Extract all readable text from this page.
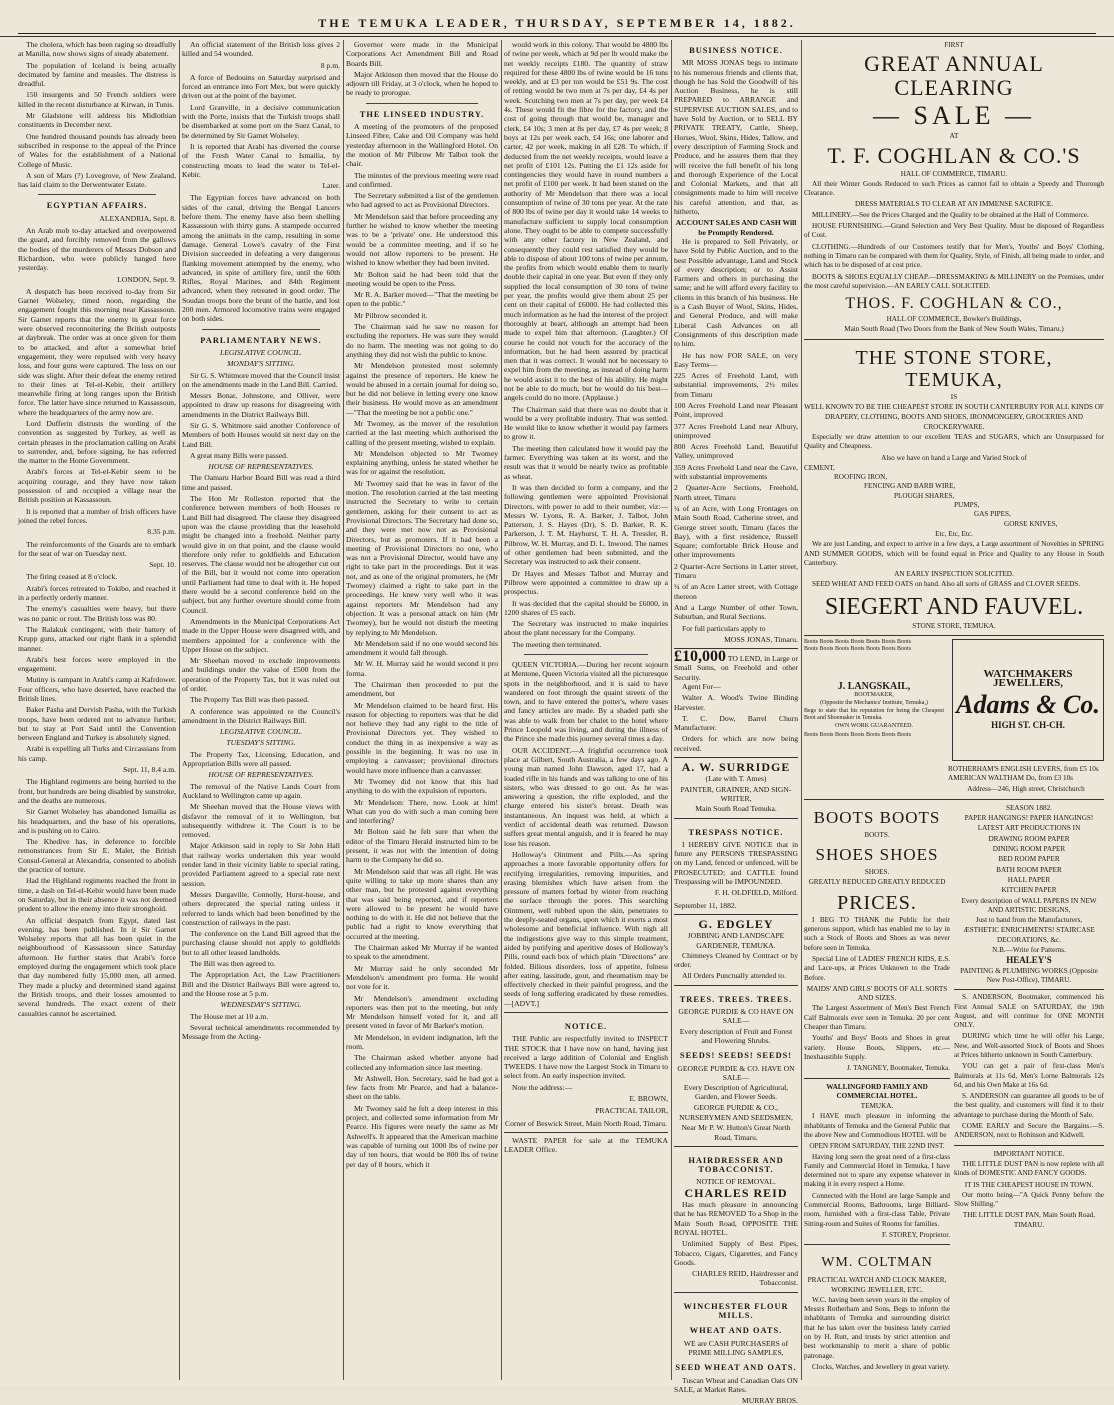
THE TEMUKA LEADER, THURSDAY, SEPTEMBER 14, 1882.

The cholera, which has been raging so dreadfully at Manilla, now shows signs of steady abatement.

The population of Iceland is being actually decimated by famine and measles. The distress is dreadful.

150 insurgents and 50 French soldiers were killed in the recent disturbance at Kirwan, in Tunis.

Mr Gladstone will address his Midlothian constituents in December next.

One hundred thousand pounds has already been subscribed in response to the appeal of the Prince of Wales for the establishment of a National College of Music.

A son of Mars (?) Lovegrove, of New Zealand, has laid claim to the Derwentwater Estate.

EGYPTIAN AFFAIRS.
ALEXANDRIA, Sept. 8.

An Arab mob to-day attacked and overpowered the guard, and forcibly removed from the gallows the bodies of the murderers of Messrs Dobson and Richardson, who were publicly hanged here yesterday.

LONDON, Sept. 9.

A despatch has been received to-day from Sir Garnet Wolseley, timed noon, regarding the engagement fought this morning near Kassassoun. Sir Garnet reports that the enemy in great force were observed reconnoitering the British outposts at daybreak. The order was at once given for them to be attacked, and after a somewhat brief engagement, they were repulsed with very heavy loss, and four guns were captured. The loss on our side was slight. After their defeat the enemy retired to their lines at Tel-el-Kebir, their artillery meanwhile firing at long ranges upon the British force. The latter have since returned to Kassassoun, where the headquarters of the army now are.

Lord Dufferin distrusts the wording of the convention as suggested by Turkey, as well as certain phrases in the proclamation calling on Arabi to surrender, and, before signing, he has referred the matter to the Home Government.

Arabi's forces at Tel-el-Kebir seem to be acquiring courage, and they have now taken possession of and occupied a village near the British position at Kassassoun.

It is reported that a number of Irish officers have joined the rebel forces.

8.35 p.m.

The reinforcements of the Guards are to embark for the seat of war on Tuesday next.

Sept. 10.

The firing ceased at 8 o'clock.

Arabi's forces retreated to Tokibo, and reached it in a perfectly orderly manner.

The enemy's casualties were heavy, but there was no panic or rout. The British loss was 80.

The Ralakuk contingent, with their battery of Krupp guns, attacked our right flank in a splendid manner.

Arabi's best forces were employed in the engagement.

Mutiny is rampant in Arabi's camp at Kafrdower. Four officers, who have deserted, have reached the British lines.

Baker Pasha and Dervish Pasha, with the Turkish troops, have been ordered not to advance further, but to stay at Port Said until the Convention between England and Turkey is absolutely signed.

Arabi is expelling all Turks and Circassians from his camp.

Sept. 11, 8.4 a.m.

The Highland regiments are being hurried to the front, but hundreds are being disabled by sunstroke, and the deaths are numerous.

Sir Garnet Wolseley has abandoned Ismailia as his headquarters, and the base of his operations, and is pushing on to Cairo.

The Khedive has, in deference to forcible remonstrances from Sir E. Malet, the British Consul-General at Alexandria, consented to abolish the practice of torture.

Had the Highland regiments reached the front in time, a dash on Tel-el-Kebir would have been made on Saturday, but in their absence it was not deemed prudent to allow the enemy into their stronghold.

An official despatch from Egypt, dated last evening, has been published. In it Sir Garnet Wolseley reports that all has been quiet in the neighbourhood of Kassassoun since Saturday afternoon. He further states that Arabi's force employed during the engagement which took place that day numbered fully 15,000 men, all armed. They made a plucky and determined stand against the British troops, and their losses amounted to several hundreds. The exact extent of their casualties cannot be ascertained.

An official statement of the British loss gives 2 killed and 54 wounded.

8 p.m.

A force of Bedouins on Saturday surprised and forced an entrance into Fort Mex, but were quickly driven out at the point of the bayonet.

Lord Granville, in a decisive communication with the Porte, insists that the Turkish troops shall be disembarked at some port on the Suez Canal, to be determined by Sir Garnet Wolseley.

It is reported that Arabi has diverted the course of the Fresh Water Canal to Ismailia, by constructing moats to lead the water to Tel-el-Kebir.

Later.

The Egyptian forces have advanced on both sides of the canal, driving the Bengal Lancers before them. The enemy have also been shelling Kassassoun with thirty guns. A stampede occurred among the animals in the camp, resulting in some damage. General Lowe's cavalry of the First Division succeeded in defeating a very dangerous flanking movement attempted by the enemy, who advanced, in spite of artillery fire, until the 60th Rifles, Royal Marines, and 84th Regiment advanced, when they retreated in good order. The Soudan troops bore the brunt of the battle, and lost 200 men. Armored locomotive trains were engaged on both sides.

PARLIAMENTARY NEWS.
LEGISLATIVE COUNCIL.
MONDAY'S SITTING.

Sir G. S. Whitmore moved that the Council insist on the amendments made in the Land Bill. Carried.

Messrs Bonar, Johnstone, and Olliver, were appointed to draw up reasons for disagreeing with amendments in the District Railways Bill.

Sir G. S. Whitmore said another Conference of Members of both Houses would sit next day on the Land Bill.

A great many Bills were passed.

HOUSE OF REPRESENTATIVES.

The Oamaru Harbor Board Bill was read a third time and passed.

The Hon Mr Rolleston reported that the conference between members of both Houses re Land Bill had disagreed. The clause they disagreed upon was the clause providing that the leasehold might be changed into a freehold. Neither party would give in on that point, and the clause would therefore only refer to goldfields and Education reserves. The clause would not be altogether cut out of the Bill, but it would not come into operation until Parliament had time to deal with it. He hoped there would be a second conference held on the subject, but any further overture should come from Council.

Amendments in the Municipal Corporations Act made in the Upper House were disagreed with, and members appointed for a conference with the Upper House on the subject.

Mr Sheehan moved to exclude improvements and buildings under the value of £500 from the operation of the Property Tax, but it was ruled out of order.

The Property Tax Bill was then passed.

A conference was appointed re the Council's amendment in the District Railways Bill.

LEGISLATIVE COUNCIL.
TUESDAY'S SITTING.

The Property Tax, Licensing, Education, and Appropriation Bills were all passed.

HOUSE OF REPRESENTATIVES.

The removal of the Native Lands Court from Auckland to Wellington came up again.

Mr Sheehan moved that the House views with disfavor the removal of it to Wellington, but subsequently withdrew it. The Court is to be removed.

Major Atkinson said in reply to Sir John Hall that railway works undertaken this year would render land in their vicinity liable to special rating, provided Parliament agreed to a special rate next session.

Messrs Dargaville, Connolly, Hurst-house, and others deprecated the special rating unless it referred to lands which had been benefitted by the construction of railways in the past.

The conference on the Land Bill agreed that the purchasing clause should not apply to goldfields but to all other leased landholds.

The Bill was then agreed to.

The Appropriation Act, the Law Practitioners Bill and the District Railways Bill were agreed to, and the House rose at 5 p.m.

WEDNESDAY'S SITTING.

The House met at 10 a.m.

Several technical amendments recommended by Message from the Acting-

Governor were made in the Municipal Corporations Act Amendment Bill and Road Boards Bill.

Major Atkinson then moved that the House do adjourn till Friday, at 3 o'clock, when he hoped to be ready to prorogue.

THE LINSEED INDUSTRY.

A meeting of the promoters of the proposed Linseed Fibre, Cake and Oil Company was held yesterday afternoon in the Wallingford Hotel. On the motion of Mr Pilbrow Mr Talbot took the chair.

The minutes of the previous meeting were read and confirmed.

The Secretary submitted a list of the gentlemen who had agreed to act as Provisional Directors.

Mr Mendelson said that before proceeding any further he wished to know whether the meeting was to be a 'private' one. He understood this would be a committee meeting, and if so he would not allow reporters to be present. He wished to know whether they had been invited.

Mr Bolton said he had been told that the meeting would be open to the Press.

Mr R. A. Barker moved—"That the meeting be open to the public."

Mr Pilbrow seconded it.

The Chairman said he saw no reason for excluding the reporters. He was sure they would do no harm. The meeting was not going to do anything they did not wish the public to know.

Mr Mendelson protested most solemnly against the presence of reporters. He knew he would be abused in a certain journal for doing so, but he did not believe in letting every one know their business. He would move as an amendment—"That the meeting be not a public one."

Mr Twomey, as the mover of the resolution carried at the last meeting which authorised the calling of the present meeting, wished to explain.

Mr Mendelson objected to Mr Twomey explaining anything, unless he stated whether he was for or against the resolution.

Mr Twomey said that he was in favor of the motion. The resolution carried at the last meeting instructed the Secretary to write to certain gentlemen, asking for their consent to act as Provisional Directors. The Secretary had done so, and they were met now not as Provisional Directors, but as promoters. If it had been a meeting of Provisional Directors no one, who was not a Provisional Director, would have any right to take part in the proceedings. But it was not, and as one of the original promoters, he (Mr Twomey) claimed a right to take part in the proceedings. He knew very well who it was against reporters Mr Mendelson had any objection. It was a personal attack on him (Mr Twomey), but he would not disturb the meeting by replying to Mr Mendelson.

Mr Mendelson said if no one would second his amendment it would fall through.

Mr W. H. Murray said he would second it pro forma.

The Chairman then proceeded to put the amendment, but

Mr Mendelson claimed to be heard first. His reason for objecting to reporters was that he did not believe they had any right to the title of Provisional Directors yet. They wished to conduct the thing in as inexpensive a way as possible in the beginning. It was no use in employing a canvasser; provisional directors would have more influence than a canvasser.

Mr Twomey did not know that this had anything to do with the expulsion of reporters.

Mr Mendelson: There, now. Look at him! What can you do with such a man coming here and interfering?

Mr Bolton said he felt sure that when the editor of the Timaru Herald instructed him to be present, it was not with the intention of doing harm to the Company he did so.

Mr Mendelson said that was all right. He was quite willing to take up more shares than any other man, but he protested against everything that was said being reported, and if reporters were allowed to be present he would have nothing to do with it. He did not believe that the public had a right to know everything that occurred at the meeting.

The Chairman asked Mr Murray if he wanted to speak to the amendment.

Mr Murray said he only seconded Mr Mendelson's amendment pro forma. He would not vote for it.

Mr Mendelson's amendment excluding reporters was then put to the meeting, but only Mr Mendelson himself voted for it, and all present voted in favor of Mr Barker's motion.

Mr Mendelson, in evident indignation, left the room.

The Chairman asked whether anyone had collected any information since last meeting.

Mr Ashwell, Hon. Secretary, said he had got a few facts from Mr Pearce, and had a balance-sheet on the table.

Mr Twomey said he felt a deep interest in this project, and collected some information from Mr Pearce. His figures were nearly the same as Mr Ashwell's. It appeared that the American machine was capable of turning out 1000 lbs of twine per day of ten hours, that would be 800 lbs of twine per day of 8 hours, which it

would work in this colony. That would be 4800 lbs of twine per week, which at 9d per lb would make the net weekly receipts £180. The quantity of straw required for these 4800 lbs of twine would be 16 tons weekly, and at £3 per ton would be £51 9s. The cost of retting would be two men at 7s per day, £4 4s per week. Scutching two men at 7s per day, per week £4 4s. These would fit the fibre for the factory, and the cost of going through that would be, manager and clerk, £4 10s; 3 men at 8s per day, £7 4s per week; 8 boys at 12s per week each, £4 16s; one laborer and carter, 42 per week, making in all £28. To which, if deducted from the net weekly receipts, would leave a net profit of £101 12s. Putting the £1 12s aside for contingencies they would have in round numbers a net profit of £100 per week. It had been stated on the authority of Mr Mendelson that there was a local consumption of twine of 30 tons per year. At the rate of 800 lbs of twine per day it would take 14 weeks to manufacture sufficient to supply local consumption alone. They ought to be able to compete successfully with any other factory in New Zealand, and consequently they could rest satisfied they would be able to dispose of about 100 tons of twine per annum, the profits from which would enable them to nearly double their capital in one year. But even if they only supplied the local consumption of 30 tons of twine per year, the profits would give them about 25 per cent on their capital of £6000. He had collected this much information as he had the interest of the project thoroughly at heart, although an attempt had been made to expel him that afternoon. (Laughter.) Of course he could not vouch for the accuracy of the information, but he had been assured by practical men that it was correct. It would not be necessary to expel him from the meeting, as instead of doing harm he would assist it to the best of his ability. He might not be able to do much, but he would do his best—angels could do no more. (Applause.)

The Chairman said that there was no doubt that it would be a very profitable industry. That was settled. He would like to know whether it would pay farmers to grow it.

The meeting then calculated how it would pay the farmer. Everything was taken at its worst, and the result was that it would be nearly twice as profitable as wheat.

It was then decided to form a company, and the following gentlemen were appointed Provisional Directors, with power to add to their number, viz:—Messrs W. Lyons, R. A. Barker, J. Talbot, John Patterson, J. S. Hayes (Dr), S. D. Barker, R. K. Parkerson, J. T. M. Hayhurst, T. H. A. Tressler, R. Pilbrow, W. H. Murray, and D. L. Inwood. The names of other gentlemen had been submitted, and the Secretary was instructed to ask their consent.

Dr Hayes and Messrs Talbot and Murray and Pilbrow were appointed a committee to draw up a prospectus.

It was decided that the capital should be £6000, in 1200 shares of £5 each.

The Secretary was instructed to make inquiries about the plant necessary for the Company.

The meeting then terminated.

QUEEN VICTORIA.—During her recent sojourn at Mentone, Queen Victoria visited all the picturesque spots in the neighborhood, and it is said to have wandered on foot through the quaint streets of the town, and to have entered the potter's, where vases and fancy articles are made. By a shaded path she was able to walk from her chalet to the hotel where Prince Leopold was living, and during the illness of the Prince she made this journey several times a day.

OUR ACCIDENT.—A frightful occurrence took place at Gilbert, South Australia, a few days ago. A young man named John Dawson, aged 17, had a loaded rifle in his hands and was talking to one of his sisters, who was dressed to go out. As he was answering a question, the rifle exploded, and the charge entered his sister's breast. Death was instantaneous. An inquest was held, at which a verdict of accidental death was returned. Dawson suffers great mental anguish, and it is feared he may lose his reason.

Holloway's Ointment and Pills.—As spring approaches a more favorable opportunity offers for rectifying irregularities, removing impurities, and erasing blemishes which have arisen from the pressure of matters forbad by winter from reaching the surface through the pores. This searching Ointment, well rubbed upon the skin, penetrates to the deeply-seated organs, upon which it exerts a most wholesome and beneficial influence. With nigh all the indigestions give way to this simple treatment, aided by purifying and aperitive doses of Holloway's Pills, round each box of which plain "Directions" are folded. Bilious disorders, loss of appetite, fulness after eating, lassitude, gout, and rheumatism may be effectively checked in their painful progress, and the seeds of long suffering eradicated by these remedies.—[ADVT.]

NOTICE.

THE Public are respectfully invited to INSPECT THE STOCK that I have now on hand, having just received a large addition of Colonial and English TWEEDS. I have now the Largest Stock in Timaru to select from. An early inspection invited.

Note the address:—

E. BROWN,
PRACTICAL TAILOR,
Corner of Beswick Street, Main North Road, Timaru.

WASTE PAPER for sale at the TEMUKA LEADER Office.

BUSINESS NOTICE.

MR MOSS JONAS begs to intimate to his numerous friends and clients that, though he has Sold the Goodwill of his Auction Business, he is still PREPARED to ARRANGE and SUPERVISE AUCTION SALES, and to have Sold by Auction, or to SELL BY PRIVATE TREATY, Cattle, Sheep, Horses, Wool, Skins, Hides, Tallow, and every description of Farming Stock and Produce, and he assures them that they will receive the full benefit of his long and thorough Experience of the Local and Colonial Markets, and that all consignments made to him will receive his careful attention, and that, as hitherto,

ACCOUNT SALES AND CASH Will be Promptly Rendered.

He is prepared to Sell Privately, or have Sold by Public Auction, and to the best Possible advantage, Land and Stock of every description; or to Assist Farmers and others in purchasing the same; and he will afford every facility to clients in this branch of his business. He is a Cash Buyer of Wool, Skins, Hides, and General Produce, and will make Liberal Cash Advances on all Consignments of this description made to him.

He has now FOR SALE, on very Easy Terms—

225 Acres of Freehold Land, with substantial improvements, 2½ miles from Timaru
100 Acres Freehold Land near Pleasant Point, improved
377 Acres Freehold Land near Albury, unimproved
800 Acres Freehold Land, Beautiful Valley, unimproved
359 Acres Freehold Land near the Cave, with substantial improvements
2 Quarter-Acre Sections, Freehold, North street, Timaru
¼ of an Acre, with Long Frontages on Main South Road, Catherine street, and George street south, Timaru (faces the Bay), with a first residence, Russell Square; comfortable Brick House and other improvements
2 Quarter-Acre Sections in Latter street, Timaru
¼ of an Acre Latter street, with Cottage thereon
And a Large Number of other Town, Suburban, and Rural Sections.

For full particulars apply to

MOSS JONAS, Timaru.
£10,000 TO LEND, in Large or Small Sums, on Freehold and other Security.

Agent For—

Walter A. Wood's Twine Binding Harvester.

T. C. Dow, Barrel Churn Manufacturer.

Orders for which are now being received.

A. W. SURRIDGE
(Late with T. Ames)
PAINTER, GRAINER, AND SIGN-WRITER,
Main South Road Temuka.
TRESPASS NOTICE.

I HEREBY GIVE NOTICE that in future any PERSONS TRESPASSING on my Land, fenced or unfenced, will be PROSECUTED; and CATTLE found Trespassing will be IMPOUNDED.

F. H. OLDFIELD, Milford.
September 11, 1882.
G. EDGLEY
JOBBING AND LANDSCAPE GARDENER, TEMUKA.

Chimneys Cleaned by Contract or by order.

All Orders Punctually attended to.

TREES. TREES. TREES.
GEORGE PURDIE & CO HAVE ON SALE—
Every description of Fruit and Forest and Flowering Shrubs.
SEEDS! SEEDS! SEEDS!
GEORGE PURDIE & CO. HAVE ON SALE—
Every Description of Agricultural, Garden, and Flower Seeds.
GEORGE PURDIE & CO.,
NURSERYMEN AND SEEDSMEN,
Near Mr P. W. Hutton's Great North Road, Timaru.
HAIRDRESSER AND TOBACCONIST.
NOTICE OF REMOVAL.
CHARLES REID

Has much pleasure in announcing that he has REMOVED To a Shop in the Main South Road, OPPOSITE THE ROYAL HOTEL.

Unlimited Supply of Best Pipes, Tobacco, Cigars, Cigarettes, and Fancy Goods.

CHARLES REID, Hairdresser and Tobacconist.
WINCHESTER FLOUR MILLS.
WHEAT AND OATS.
WE are CASH PURCHASERS of PRIME MILLING SAMPLES,
SEED WHEAT AND OATS.

Tuscan Wheat and Canadian Oats ON SALE, at Market Rates.

MURRAY BROS.
FIRST
GREAT ANNUAL CLEARING
— SALE —
AT
T. F. COGHLAN & CO.'S
HALL OF COMMERCE, TIMARU.

All their Winter Goods Reduced to such Prices as cannot fail to obtain a Speedy and Thorough Clearance.

DRESS MATERIALS TO CLEAR AT AN IMMENSE SACRIFICE.

MILLINERY.—See the Prices Charged and the Quality to be obtained at the Hall of Commerce.

HOUSE FURNISHING.—Grand Selection and Very Best Quality. Must be disposed of Regardless of Cost.

CLOTHING.—Hundreds of our Customers testify that for Men's, Youths' and Boys' Clothing, nothing in Timaru can be compared with them for Quality, Style, of Finish, all being made to order, and which has to be disposed of at cost price.

BOOTS & SHOES EQUALLY CHEAP.—DRESSMAKING & MILLINERY on the Premises, under the most careful supervision.—AN EARLY CALL SOLICITED.

THOS. F. COGHLAN & CO.,
HALL OF COMMERCE, Bowker's Buildings,
Main South Road (Two Doors from the Bank of New South Wales, Timaru.)
THE STONE STORE, TEMUKA,
IS
WELL KNOWN TO BE THE CHEAPEST STORE IN SOUTH CANTERBURY FOR ALL KINDS OF
DRAPERY, CLOTHING, BOOTS AND SHOES, IRONMONGERY, GROCERIES AND CROCKERYWARE.

Especially we draw attention to our excellent TEAS and SUGARS, which are Unsurpassed for Quality and Cheapness.

Also we have on hand a Large and Varied Stock of
CEMENT,
ROOFING IRON,
FENCING AND BARB WIRE,
PLOUGH SHARES,
PUMPS,
GAS PIPES,
GORSE KNIVES,
Etc, Etc, Etc.

We are just Landing, and expect to arrive in a few days, a Large assortment of Novelties in SPRING AND SUMMER GOODS, which will be found equal in Price and Quality to any House in South Canterbury.

AN EARLY INSPECTION SOLICITED.

SEED WHEAT AND FEED OATS on hand. Also all sorts of GRASS and CLOVER SEEDS.

SIEGERT AND FAUVEL.
STONE STORE, TEMUKA.
Boots Boots Boots Boots Boots Boots Boots
Boots Boots Boots Boots Boots Boots Boots
J. LANGSKAIL,
BOOTMAKER,
(Opposite the Mechanics' Institute, Temuka,)
Begs to state that his reputation for being the Cheapest Boot and Shoemaker in Temuka.
OWN WORK GUARANTEED.
Boots Boots Boots Boots Boots Boots Boots
WATCHMAKERS
JEWELLERS,
Adams & Co.
HIGH ST. CH-CH.
ROTHERHAM'S ENGLISH LEVERS, from £5 10s
AMERICAN WALTHAM Do, from £3 10s
Address—246, High street, Christchurch
BOOTS BOOTS
BOOTS.
SHOES SHOES
SHOES.
GREATLY REDUCED GREATLY REDUCED
PRICES.

I BEG TO THANK the Public for their generous support, which has enabled me to lay in such a Stock of Boots and Shoes as was never before seen in Temuka.

Special Line of LADIES' FRENCH KIDS, E.S. and Lace-ups, at Prices Unknown to the Trade Before.

MAIDS' AND GIRLS' BOOTS OF ALL SORTS AND SIZES.

The Largest Assortment of Men's Best French Calf Balmorals ever seen in Temuka. 20 per cent Cheaper than Timaru.

Youths' and Boys' Boots and Shoes in great variety. House Boots, Slippers, etc.—Inexhaustible Supply.

J. TANGNEY, Bootmaker, Temuka.
WALLINGFORD FAMILY AND COMMERCIAL HOTEL.
TEMUKA.

I HAVE much pleasure in informing the inhabitants of Temuka and the General Public that the above New and Commodious HOTEL will be

OPEN FROM SATURDAY, THE 22ND INST.

Having long seen the great need of a first-class Family and Commercial Hotel in Temuka, I have determined not to spare any expense whatever in making it in every respect a Home.

Connected with the Hotel are large Sample and Commercial Rooms, Bathrooms, large Billiard-room, furnished with a first-class Table, Private Sitting-room and Suites of Rooms for families.

F. STOREY, Proprietor.
WM. COLTMAN
PRACTICAL WATCH AND CLOCK MAKER, WORKING JEWELLER, ETC.

W.C. having been seven years in the employ of Messrs Rotherham and Sons, Begs to inform the inhabitants of Temuka and surrounding district that he has taken over the business lately carried on by H. Rutt, and trusts by strict attention and best workmanship to merit a share of public patronage.

Clocks, Watches, and Jewellery in great variety.

SEASON 1882.
PAPER HANGINGS! PAPER HANGINGS!
LATEST ART PRODUCTIONS IN
DRAWING ROOM PAPER
DINING ROOM PAPER
BED ROOM PAPER
BATH ROOM PAPER
HALL PAPER
KITCHEN PAPER
Every description of WALL PAPERS IN NEW AND ARTISTIC DESIGNS,
Just to hand from the Manufacturers,
ÆSTHETIC ENRICHMENTS! STAIRCASE DECORATIONS, &c.
N.B.—Write for Patterns.
HEALEY'S
PAINTING & PLUMBING WORKS (Opposite New Post-Office), TIMARU.

S. ANDERSON, Bootmaker, commenced his First Annual SALE on SATURDAY, the 19th August, and will continue for ONE MONTH ONLY.

DURING which time he will offer his Large, New, and Well-assorted Stock of Boots and Shoes at Prices hitherto unknown in South Canterbury.

YOU can get a pair of first-class Men's Balmorals at 11s 6d, Men's Lorne Balmorals 12s 6d, and his Own Make at 16s 6d.

S. ANDERSON can guarantee all goods to be of the best quality, and customers will find it to their advantage to purchase during the Month of Sale.

COME EARLY and Secure the Bargains.—S. ANDERSON, next to Robinson and Kidwell.

IMPORTANT NOTICE.

THE LITTLE DUST PAN is now replete with all kinds of DOMESTIC AND FANCY GOODS.

IT IS THE CHEAPEST HOUSE IN TOWN.

Our motto being—"A Quick Penny before the Slow Shilling."

THE LITTLE DUST PAN, Main South Road, TIMARU.
